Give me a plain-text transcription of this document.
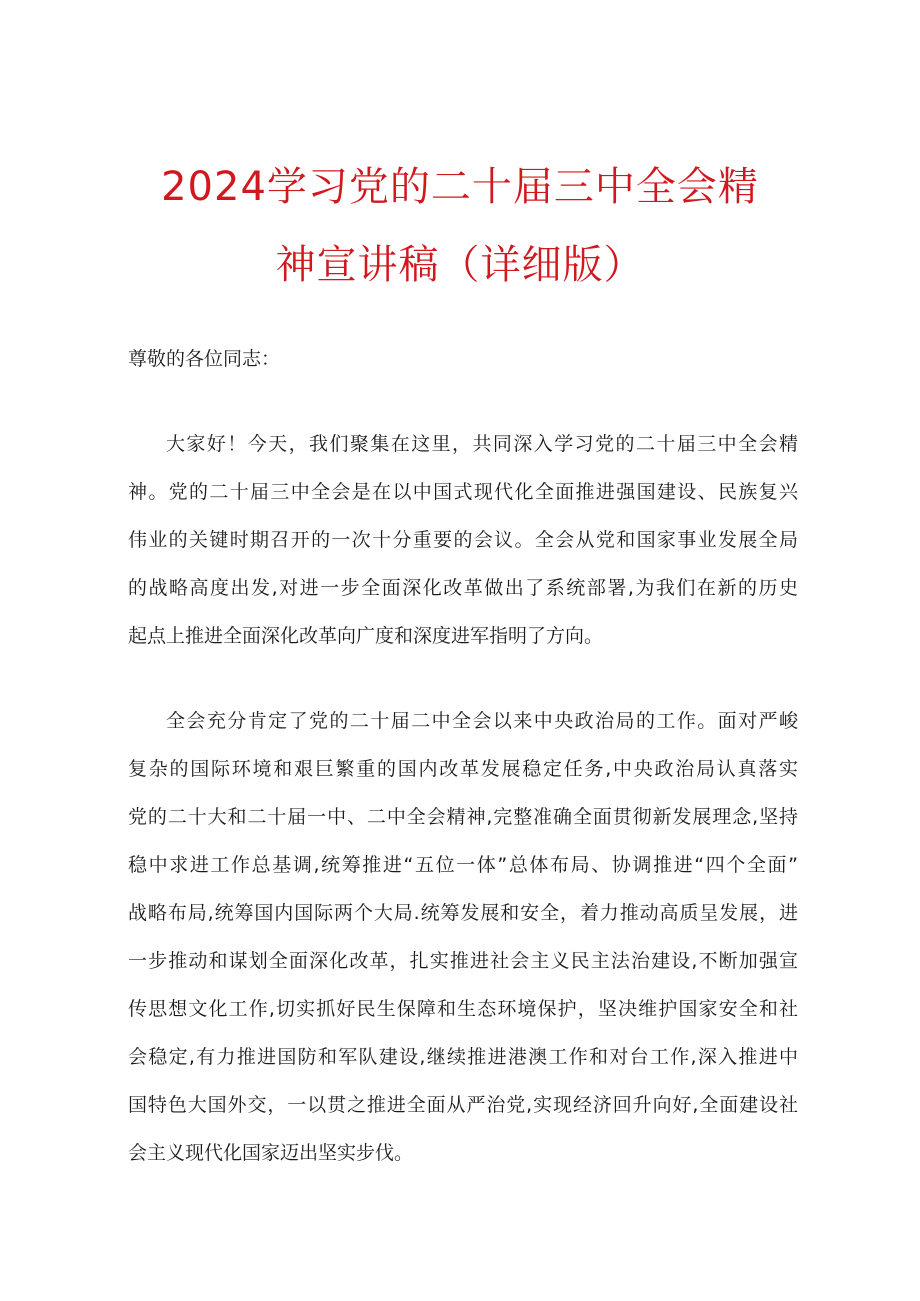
2024学习党的二十届三中全会精
神宣讲稿（详细版）

尊敬的各位同志：

大家好！今天，我们聚集在这里，共同深入学习党的二十届三中全会精
神。党的二十届三中全会是在以中国式现代化全面推进强国建设、民族复兴
伟业的关键时期召开的一次十分重要的会议。全会从党和国家事业发展全局
的战略高度出发,对进一步全面深化改革做出了系统部署,为我们在新的历史
起点上推进全面深化改革向广度和深度进军指明了方向。
全会充分肯定了党的二十届二中全会以来中央政治局的工作。面对严峻
复杂的国际环境和艰巨繁重的国内改革发展稳定任务,中央政治局认真落实
党的二十大和二十届一中、二中全会精神,完整准确全面贯彻新发展理念,坚持
稳中求进工作总基调,统筹推进“五位一体”总体布局、协调推进“四个全面”
战略布局,统筹国内国际两个大局.统筹发展和安全，着力推动高质呈发展，进
一步推动和谋划全面深化改革，扎实推进社会主义民主法治建设,不断加强宣
传思想文化工作,切实抓好民生保障和生态环境保护，坚决维护国家安全和社
会稳定,有力推进国防和军队建设,继续推进港澳工作和对台工作,深入推进中
国特色大国外交，一以贯之推进全面从严治党,实现经济回升向好,全面建设社
会主义现代化国家迈出坚实步伐。
